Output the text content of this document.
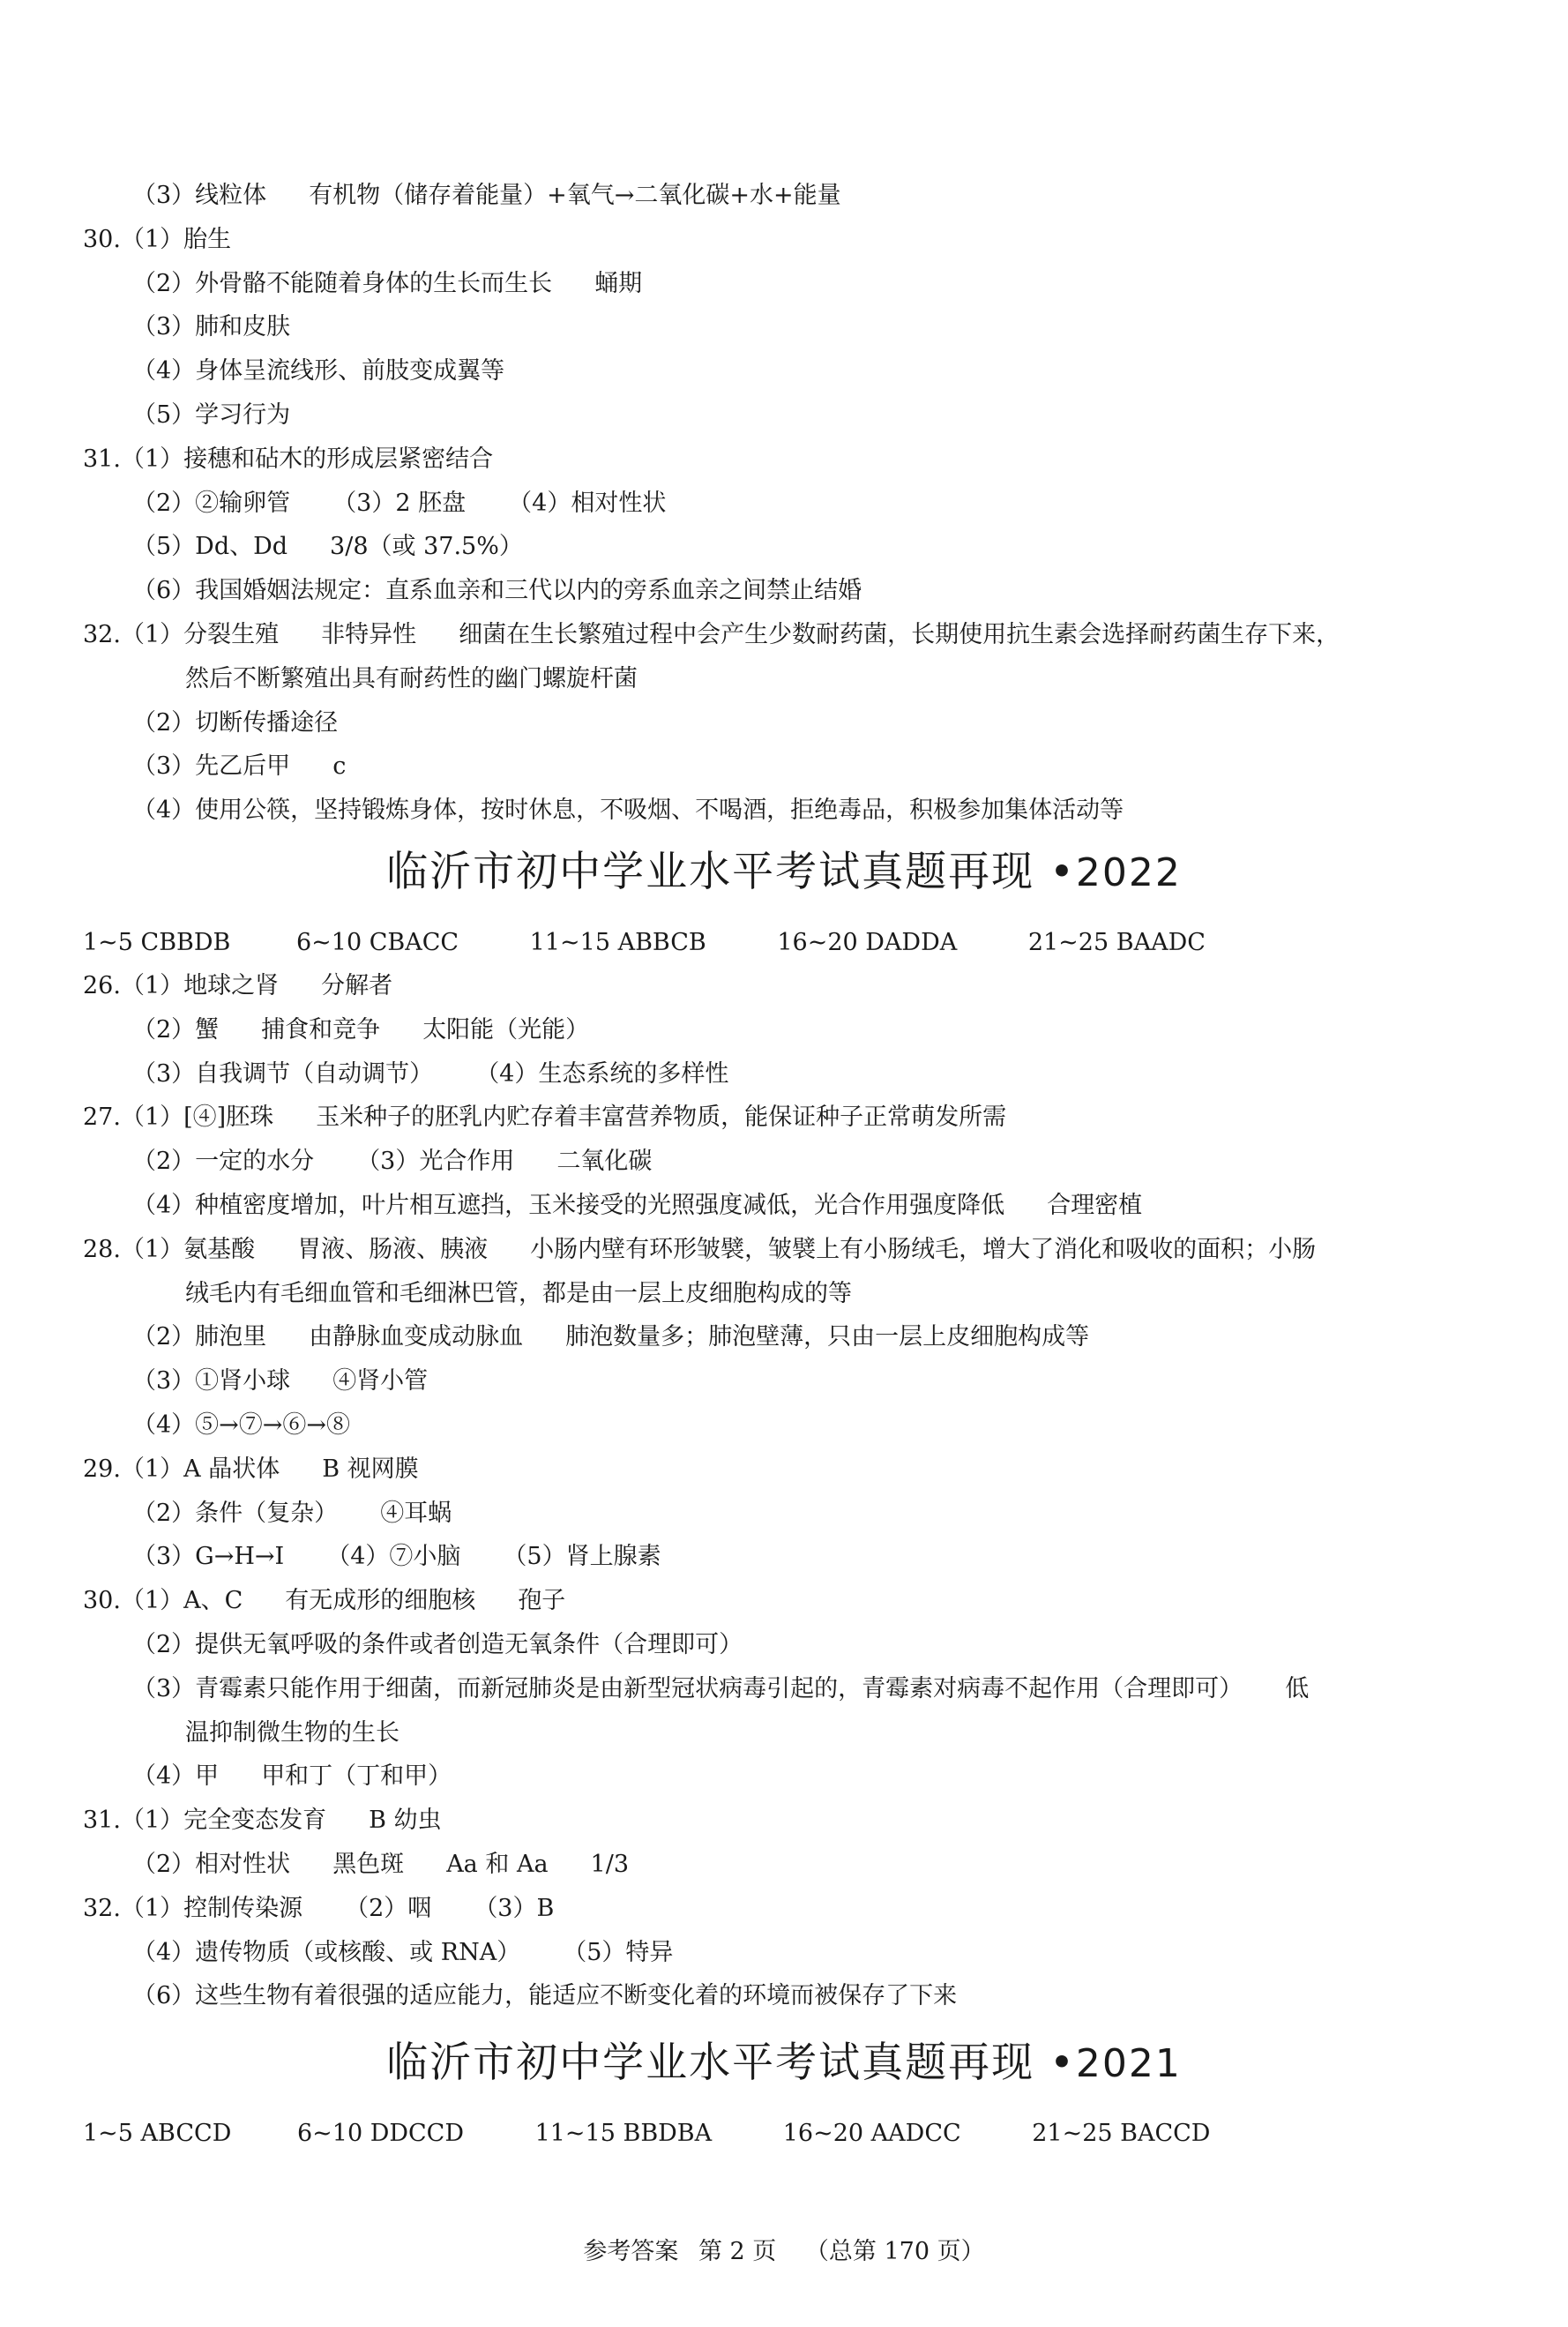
（3）线粒体 有机物（储存着能量）+氧气→二氧化碳+水+能量
30.（1）胎生
（2）外骨骼不能随着身体的生长而生长 蛹期
（3）肺和皮肤
（4）身体呈流线形、前肢变成翼等
（5）学习行为
31.（1）接穗和砧木的形成层紧密结合
（2）②输卵管 （3）2 胚盘 （4）相对性状
（5）Dd、Dd 3/8（或 37.5%）
（6）我国婚姻法规定：直系血亲和三代以内的旁系血亲之间禁止结婚
32.（1）分裂生殖 非特异性 细菌在生长繁殖过程中会产生少数耐药菌，长期使用抗生素会选择耐药菌生存下来，
然后不断繁殖出具有耐药性的幽门螺旋杆菌
（2）切断传播途径
（3）先乙后甲 c
（4）使用公筷，坚持锻炼身体，按时休息，不吸烟、不喝酒，拒绝毒品，积极参加集体活动等
临沂市初中学业水平考试真题再现 •2022
1~5 CBBDB	6~10 CBACC	11~15 ABBCB	16~20 DADDA	21~25 BAADC
26.（1）地球之肾 分解者
（2）蟹 捕食和竞争 太阳能（光能）
（3）自我调节（自动调节） （4）生态系统的多样性
27.（1）[④]胚珠 玉米种子的胚乳内贮存着丰富营养物质，能保证种子正常萌发所需
（2）一定的水分 （3）光合作用 二氧化碳
（4）种植密度增加，叶片相互遮挡，玉米接受的光照强度减低，光合作用强度降低 合理密植
28.（1）氨基酸 胃液、肠液、胰液 小肠内壁有环形皱襞，皱襞上有小肠绒毛，增大了消化和吸收的面积；小肠
绒毛内有毛细血管和毛细淋巴管，都是由一层上皮细胞构成的等
（2）肺泡里 由静脉血变成动脉血 肺泡数量多；肺泡壁薄，只由一层上皮细胞构成等
（3）①肾小球 ④肾小管
（4）⑤→⑦→⑥→⑧
29.（1）A 晶状体 B 视网膜
（2）条件（复杂） ④耳蜗
（3）G→H→I （4）⑦小脑 （5）肾上腺素
30.（1）A、C 有无成形的细胞核 孢子
（2）提供无氧呼吸的条件或者创造无氧条件（合理即可）
（3）青霉素只能作用于细菌，而新冠肺炎是由新型冠状病毒引起的，青霉素对病毒不起作用（合理即可） 低
温抑制微生物的生长
（4）甲 甲和丁（丁和甲）
31.（1）完全变态发育 B 幼虫
（2）相对性状 黑色斑 Aa 和 Aa 1/3
32.（1）控制传染源 （2）咽 （3）B
（4）遗传物质（或核酸、或 RNA） （5）特异
（6）这些生物有着很强的适应能力，能适应不断变化着的环境而被保存了下来
临沂市初中学业水平考试真题再现 •2021
1~5 ABCCD	6~10 DDCCD	11~15 BBDBA	16~20 AADCC	21~25 BACCD
参考答案 第 2 页 （总第 170 页）
